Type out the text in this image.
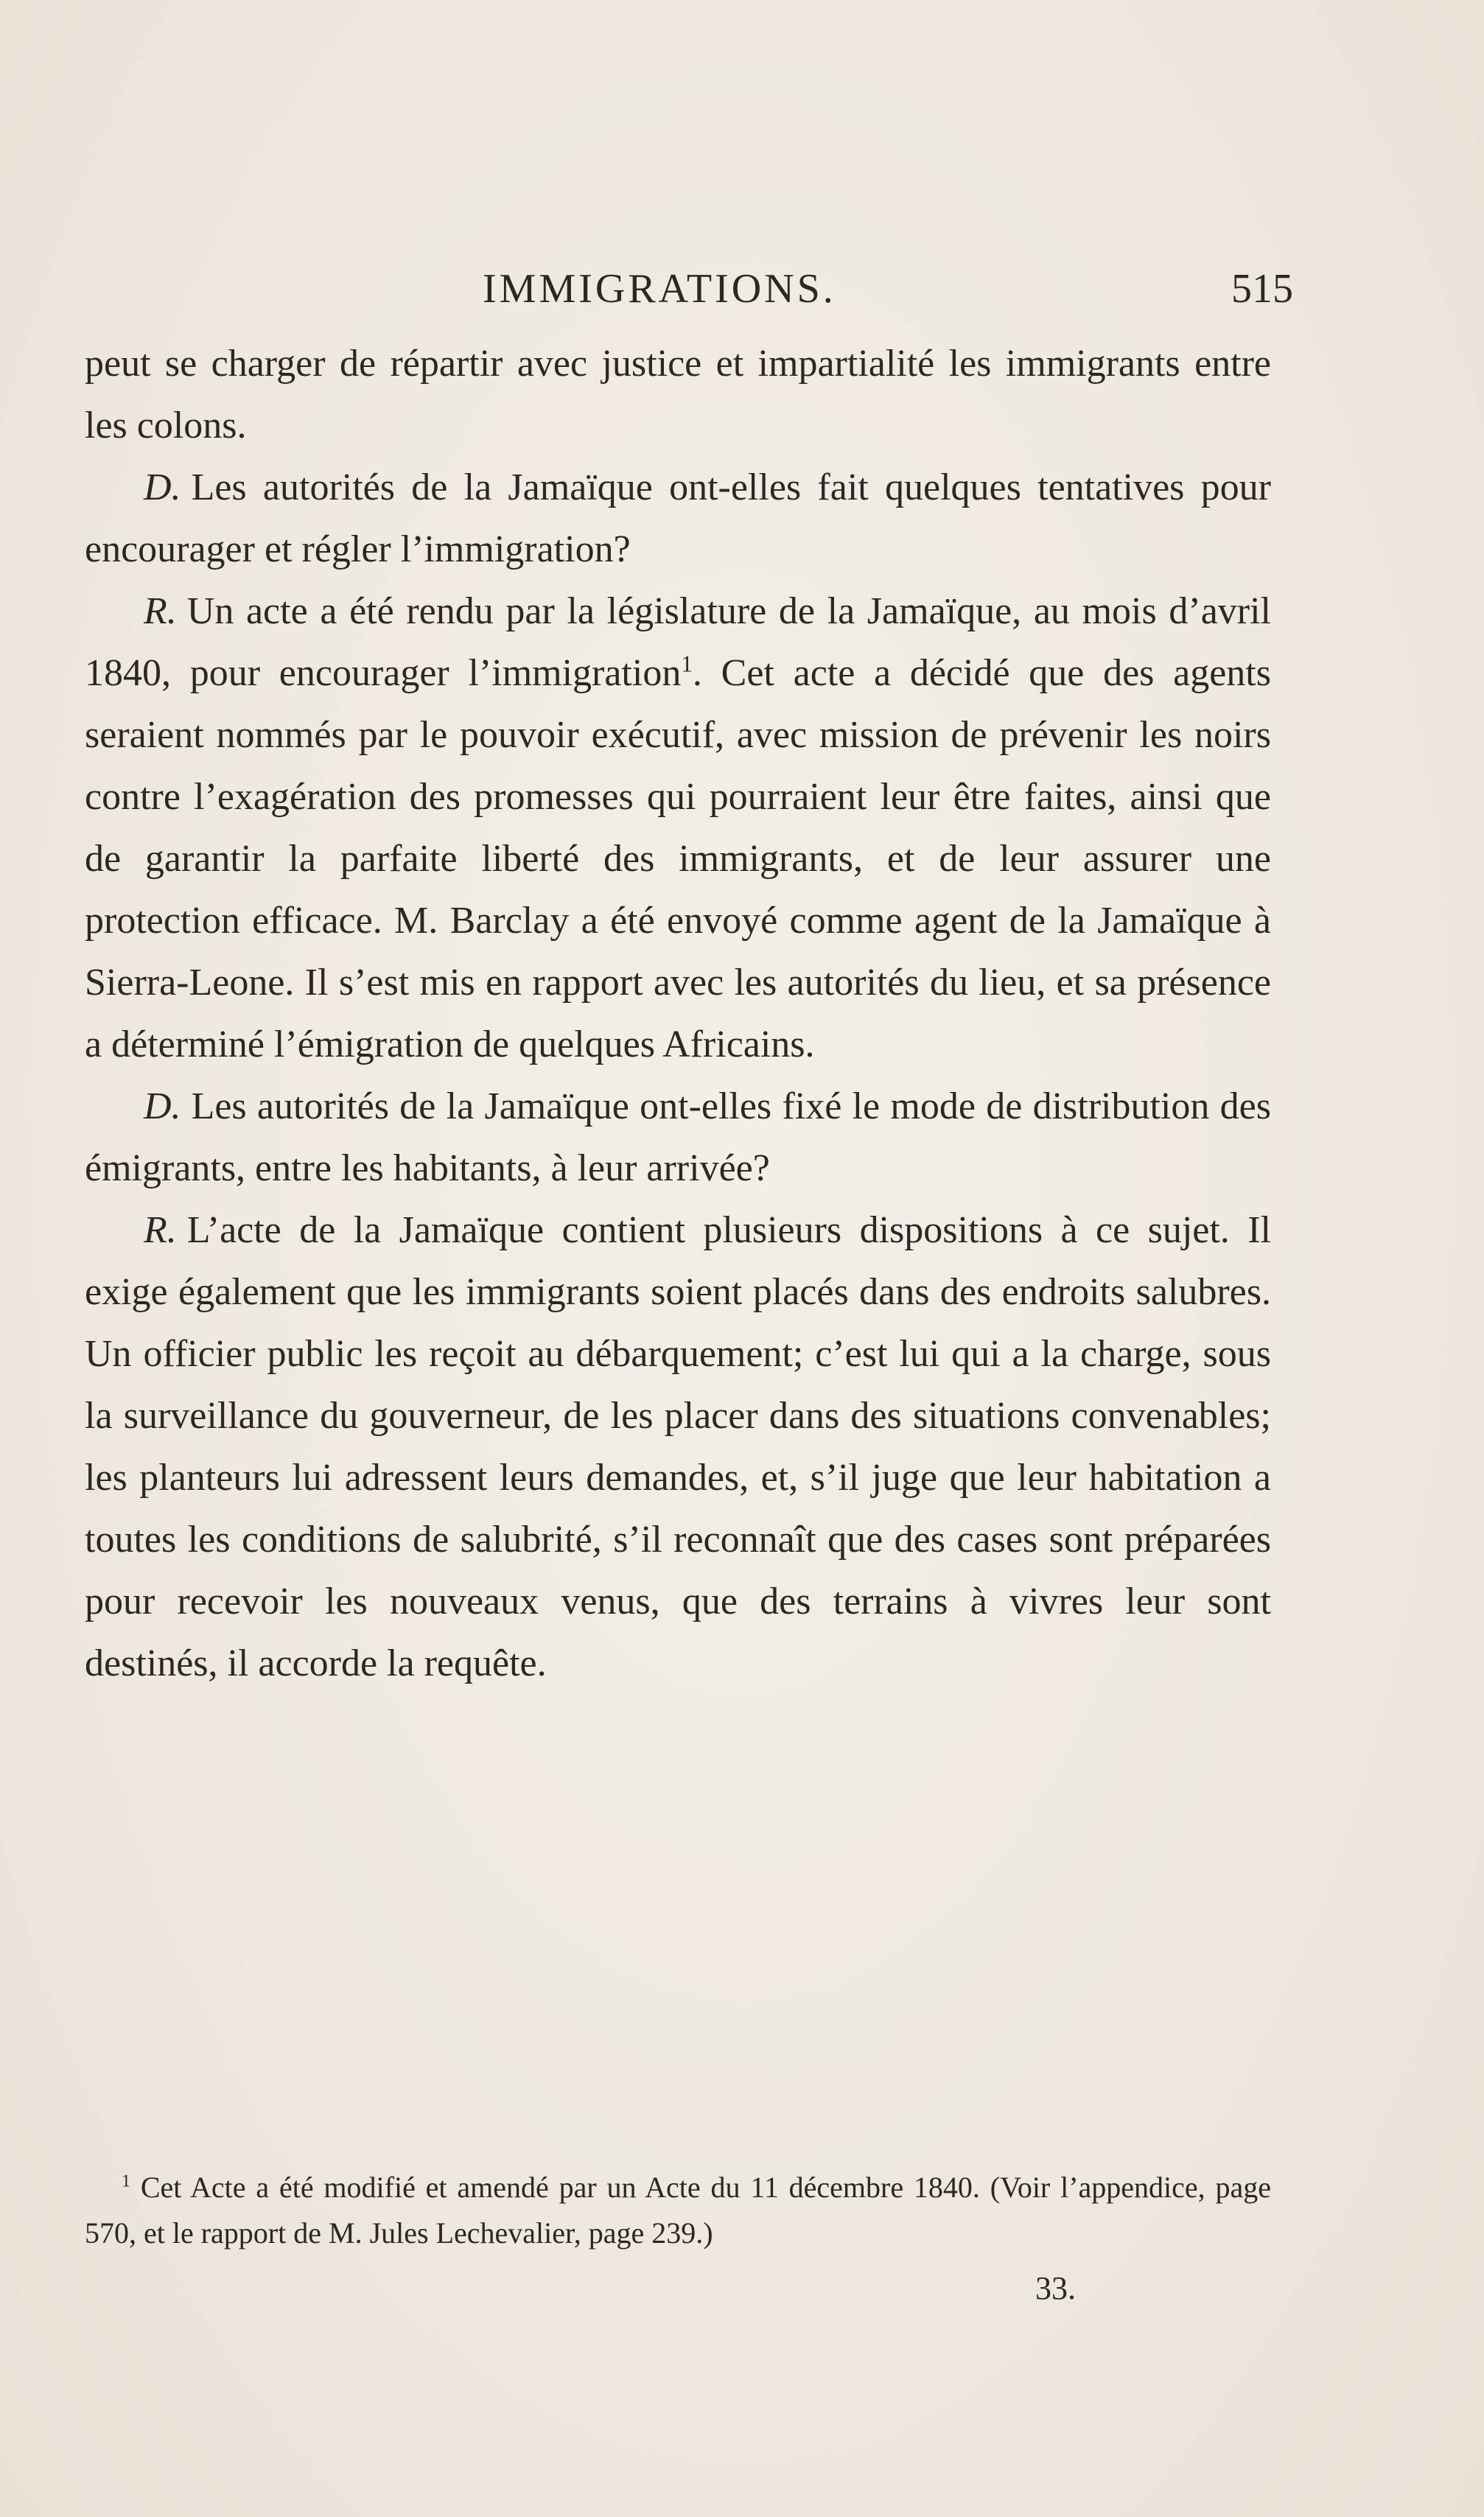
IMMIGRATIONS.	515

peut se charger de répartir avec justice et impartialité les immigrants entre les colons.

D. Les autorités de la Jamaïque ont-elles fait quelques tentatives pour encourager et régler l’immigration?

R. Un acte a été rendu par la législature de la Jamaïque, au mois d’avril 1840, pour encourager l’immigration$^1$. Cet acte a décidé que des agents seraient nommés par le pouvoir exécutif, avec mission de prévenir les noirs contre l’exagération des promesses qui pourraient leur être faites, ainsi que de garantir la parfaite liberté des immigrants, et de leur assurer une protection efficace. M. Barclay a été envoyé comme agent de la Jamaïque à Sierra-Leone. Il s’est mis en rapport avec les autorités du lieu, et sa présence a déterminé l’émigration de quelques Africains.

D. Les autorités de la Jamaïque ont-elles fixé le mode de distribution des émigrants, entre les habitants, à leur arrivée?

R. L’acte de la Jamaïque contient plusieurs dispositions à ce sujet. Il exige également que les immigrants soient placés dans des endroits salubres. Un officier public les reçoit au débarquement; c’est lui qui a la charge, sous la surveillance du gouverneur, de les placer dans des situations convenables; les planteurs lui adressent leurs demandes, et, s’il juge que leur habitation a toutes les conditions de salubrité, s’il reconnaît que des cases sont préparées pour recevoir les nouveaux venus, que des terrains à vivres leur sont destinés, il accorde la requête.

$^1$ Cet Acte a été modifié et amendé par un Acte du 11 décembre 1840. (Voir l’appendice, page 570, et le rapport de M. Jules Lechevalier, page 239.)

33.
